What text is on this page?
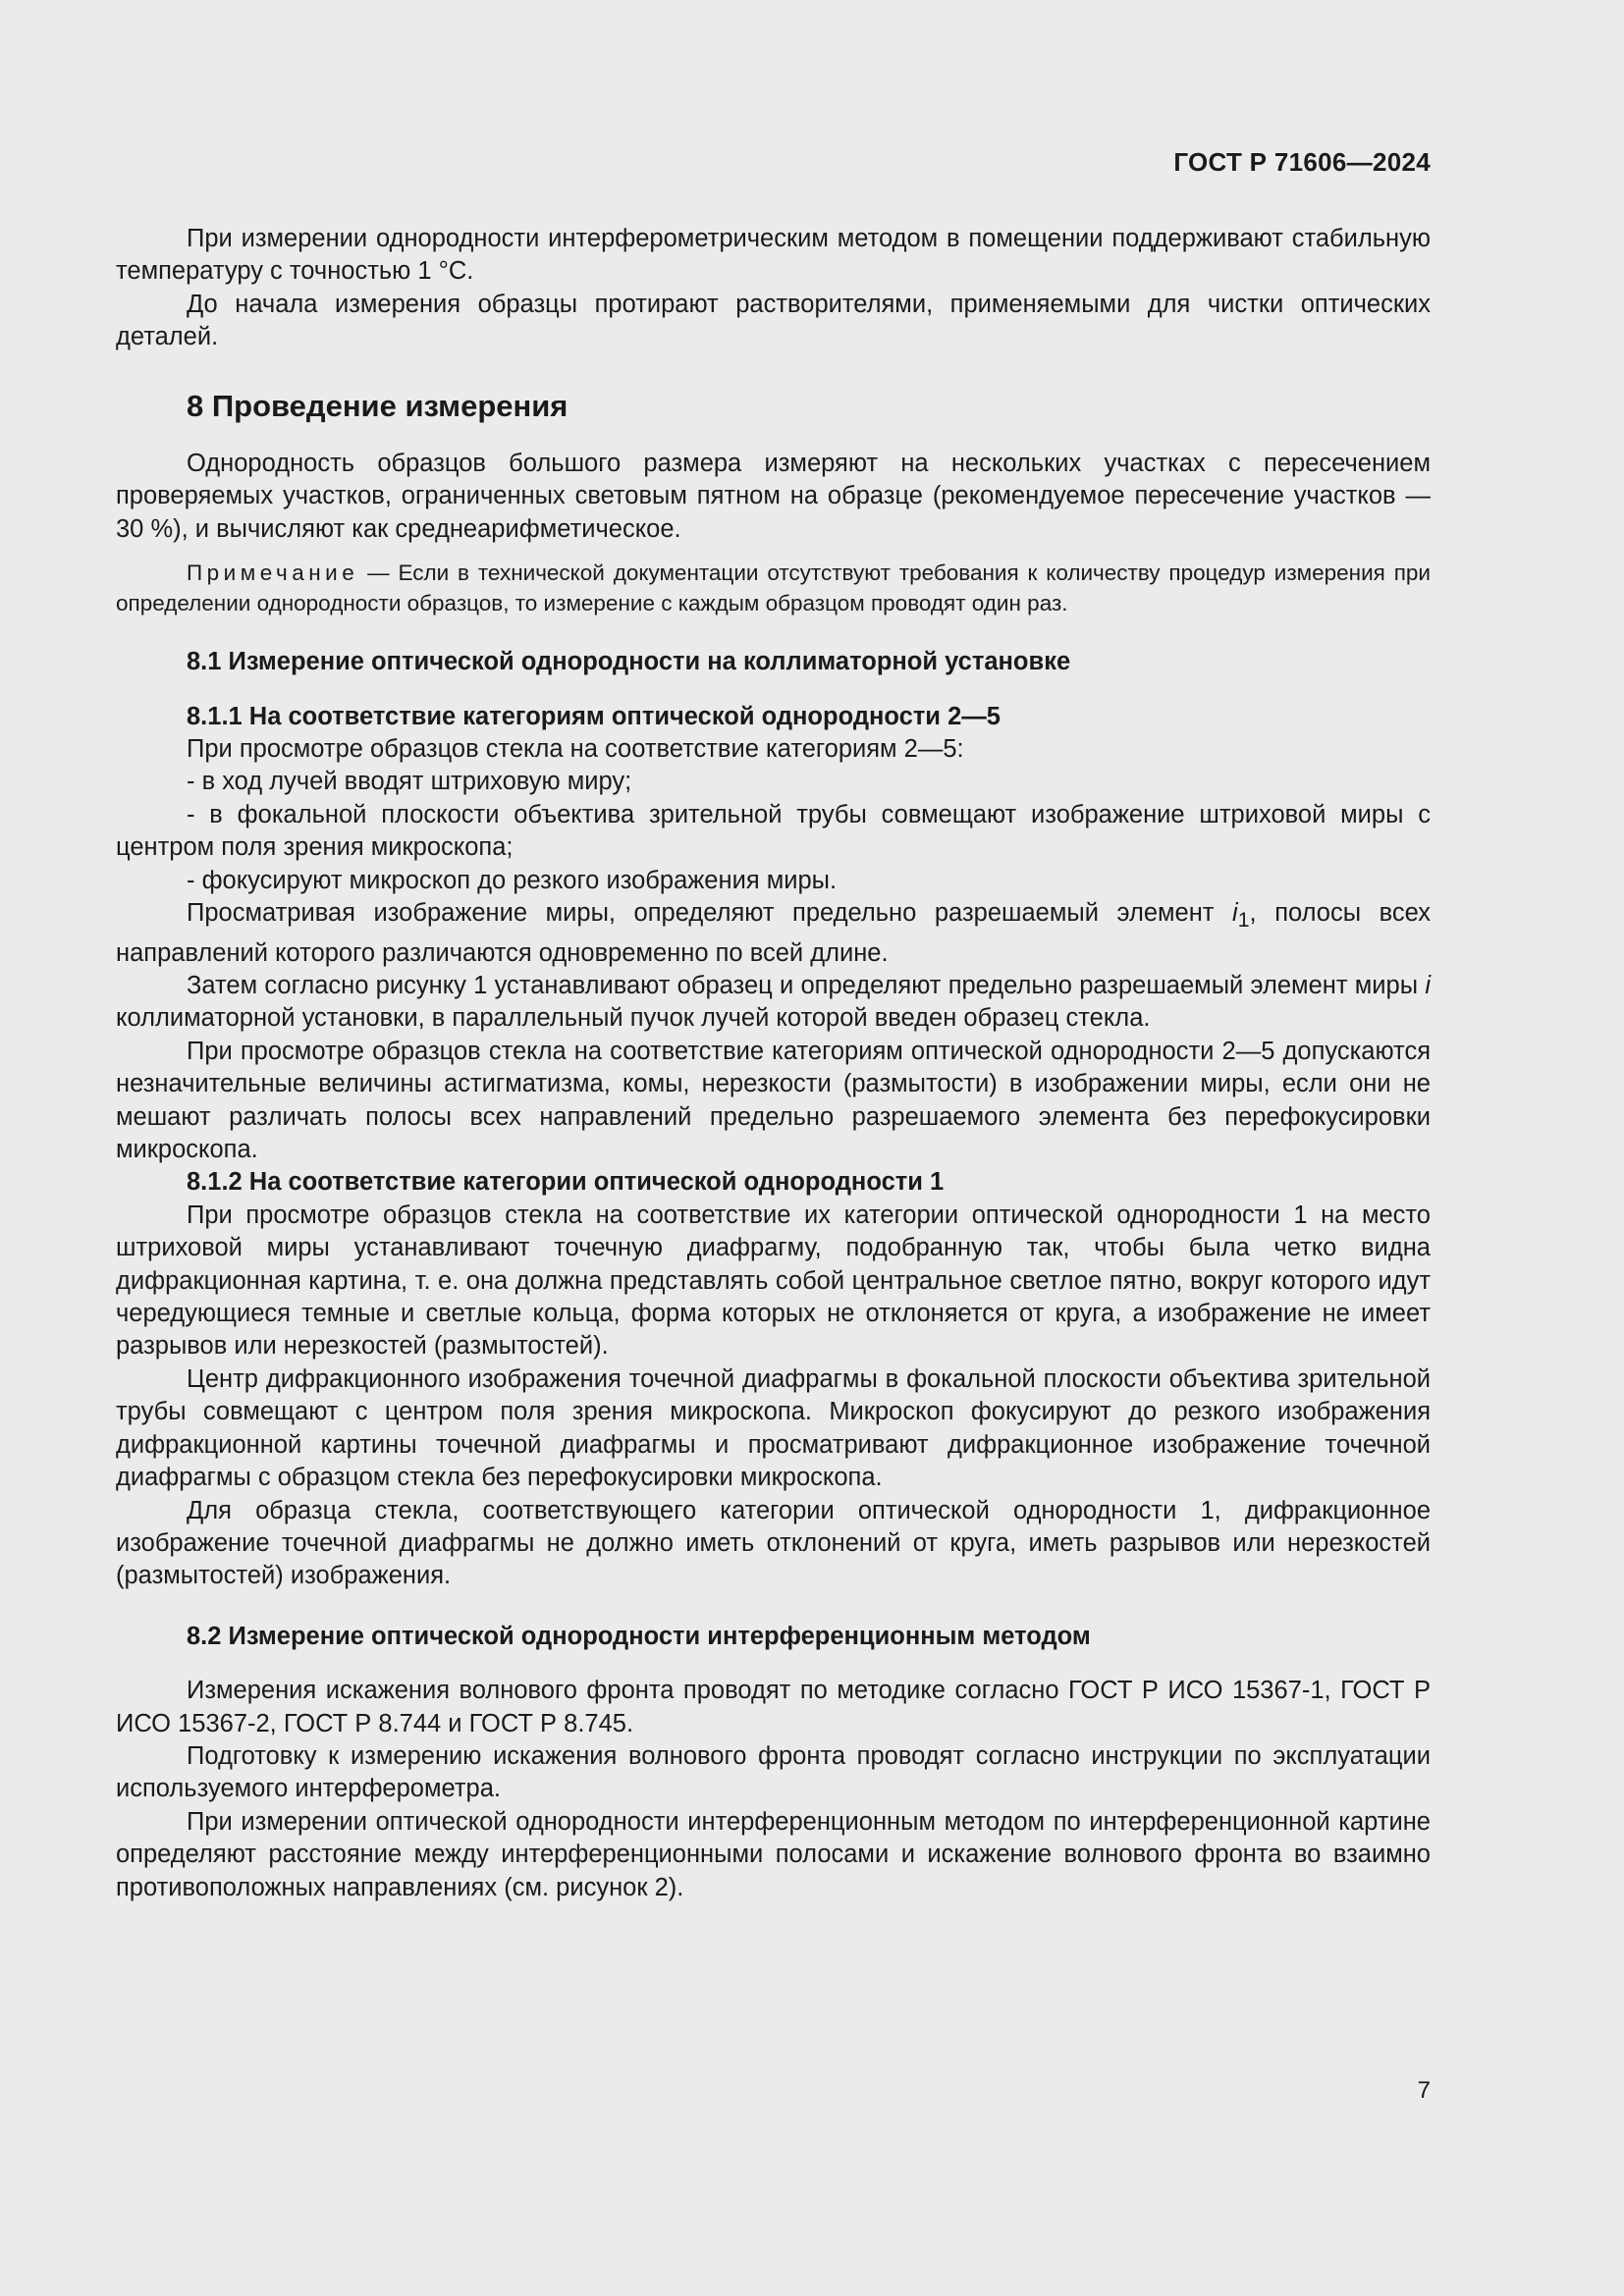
ГОСТ Р 71606—2024

При измерении однородности интерферометрическим методом в помещении поддерживают стабильную температуру с точностью 1 °С.

До начала измерения образцы протирают растворителями, применяемыми для чистки оптических деталей.

8 Проведение измерения

Однородность образцов большого размера измеряют на нескольких участках с пересечением проверяемых участков, ограниченных световым пятном на образце (рекомендуемое пересечение участков — 30 %), и вычисляют как среднеарифметическое.

Примечание — Если в технической документации отсутствуют требования к количеству процедур измерения при определении однородности образцов, то измерение с каждым образцом проводят один раз.

8.1 Измерение оптической однородности на коллиматорной установке
8.1.1 На соответствие категориям оптической однородности 2—5

При просмотре образцов стекла на соответствие категориям 2—5:

- в ход лучей вводят штриховую миру;

- в фокальной плоскости объектива зрительной трубы совмещают изображение штриховой миры с центром поля зрения микроскопа;

- фокусируют микроскоп до резкого изображения миры.

Просматривая изображение миры, определяют предельно разрешаемый элемент $i_1$, полосы всех направлений которого различаются одновременно по всей длине.

Затем согласно рисунку 1 устанавливают образец и определяют предельно разрешаемый элемент миры i коллиматорной установки, в параллельный пучок лучей которой введен образец стекла.

При просмотре образцов стекла на соответствие категориям оптической однородности 2—5 допускаются незначительные величины астигматизма, комы, нерезкости (размытости) в изображении миры, если они не мешают различать полосы всех направлений предельно разрешаемого элемента без перефокусировки микроскопа.

8.1.2 На соответствие категории оптической однородности 1

При просмотре образцов стекла на соответствие их категории оптической однородности 1 на место штриховой миры устанавливают точечную диафрагму, подобранную так, чтобы была четко видна дифракционная картина, т. е. она должна представлять собой центральное светлое пятно, вокруг которого идут чередующиеся темные и светлые кольца, форма которых не отклоняется от круга, а изображение не имеет разрывов или нерезкостей (размытостей).

Центр дифракционного изображения точечной диафрагмы в фокальной плоскости объектива зрительной трубы совмещают с центром поля зрения микроскопа. Микроскоп фокусируют до резкого изображения дифракционной картины точечной диафрагмы и просматривают дифракционное изображение точечной диафрагмы с образцом стекла без перефокусировки микроскопа.

Для образца стекла, соответствующего категории оптической однородности 1, дифракционное изображение точечной диафрагмы не должно иметь отклонений от круга, иметь разрывов или нерезкостей (размытостей) изображения.

8.2 Измерение оптической однородности интерференционным методом

Измерения искажения волнового фронта проводят по методике согласно ГОСТ Р ИСО 15367-1, ГОСТ Р ИСО 15367-2, ГОСТ Р 8.744 и ГОСТ Р 8.745.

Подготовку к измерению искажения волнового фронта проводят согласно инструкции по эксплуатации используемого интерферометра.

При измерении оптической однородности интерференционным методом по интерференционной картине определяют расстояние между интерференционными полосами и искажение волнового фронта во взаимно противоположных направлениях (см. рисунок 2).

7
